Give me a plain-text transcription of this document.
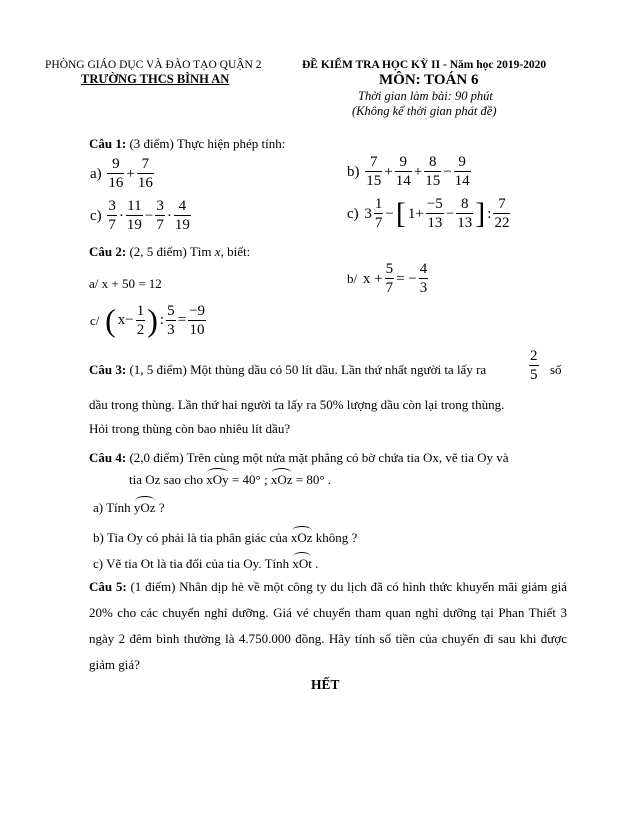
PHÒNG GIÁO DỤC VÀ ĐÀO TẠO QUẬN 2
TRƯỜNG THCS BÌNH AN
ĐỀ KIỂM TRA HỌC KỲ II - Năm học 2019-2020
MÔN: TOÁN 6
Thời gian làm bài: 90 phút
(Không kể thời gian phát đề)
Câu 1: (3 điểm) Thực hiện phép tính:
$a) \frac{9}{16} + \frac{7}{16}$	$b) \frac{7}{15} + \frac{9}{14} + \frac{8}{15} - \frac{9}{14}$
$c) \frac{3}{7} \cdot \frac{11}{19} - \frac{3}{7} \cdot \frac{4}{19}$	c) $3 \frac{1}{7}$ −[ $1+ \frac{-5}{13} - \frac{8}{13}$ ] : $\frac{7}{22}$
Câu 2: (2, 5 điểm) Tìm x, biết:
a/ x + 50 = 12	b/ $x + \frac{5}{7}$ = − $\frac{4}{3}$
c/ ( $x- \frac{1}{2}$ ) : $\frac{5}{3} = \frac{-9}{10}$
Câu 3: (1, 5 điểm) Một thùng dầu có 50 lít dầu. Lần thứ nhất người ta lấy ra	$\frac{2}{5}$ số
dầu trong thùng. Lần thứ hai người ta lấy ra 50% lượng dầu còn lại trong thùng.
Hỏi trong thùng còn bao nhiêu lít dầu?
Câu 4: (2,0 điểm) Trên cùng một nửa mặt phẳng có bờ chứa tia Ox, vẽ tia Oy và
tia Oz sao cho xOy = 40° ; xOz = 80° .
a) Tính yOz ?
b) Tia Oy có phải là tia phân giác của xOz không ?
c) Vẽ tia Ot là tia đối của tia Oy. Tính xOt .
Câu 5: (1 điểm) Nhân dịp hè về một công ty du lịch đã có hình thức khuyến mãi giảm giá 20% cho các chuyến nghỉ dưỡng. Giá vé chuyến tham quan nghỉ dưỡng tại Phan Thiết 3 ngày 2 đêm bình thường là 4.750.000 đồng. Hãy tính số tiền của chuyến đi sau khi được giảm giá?
HẾT
